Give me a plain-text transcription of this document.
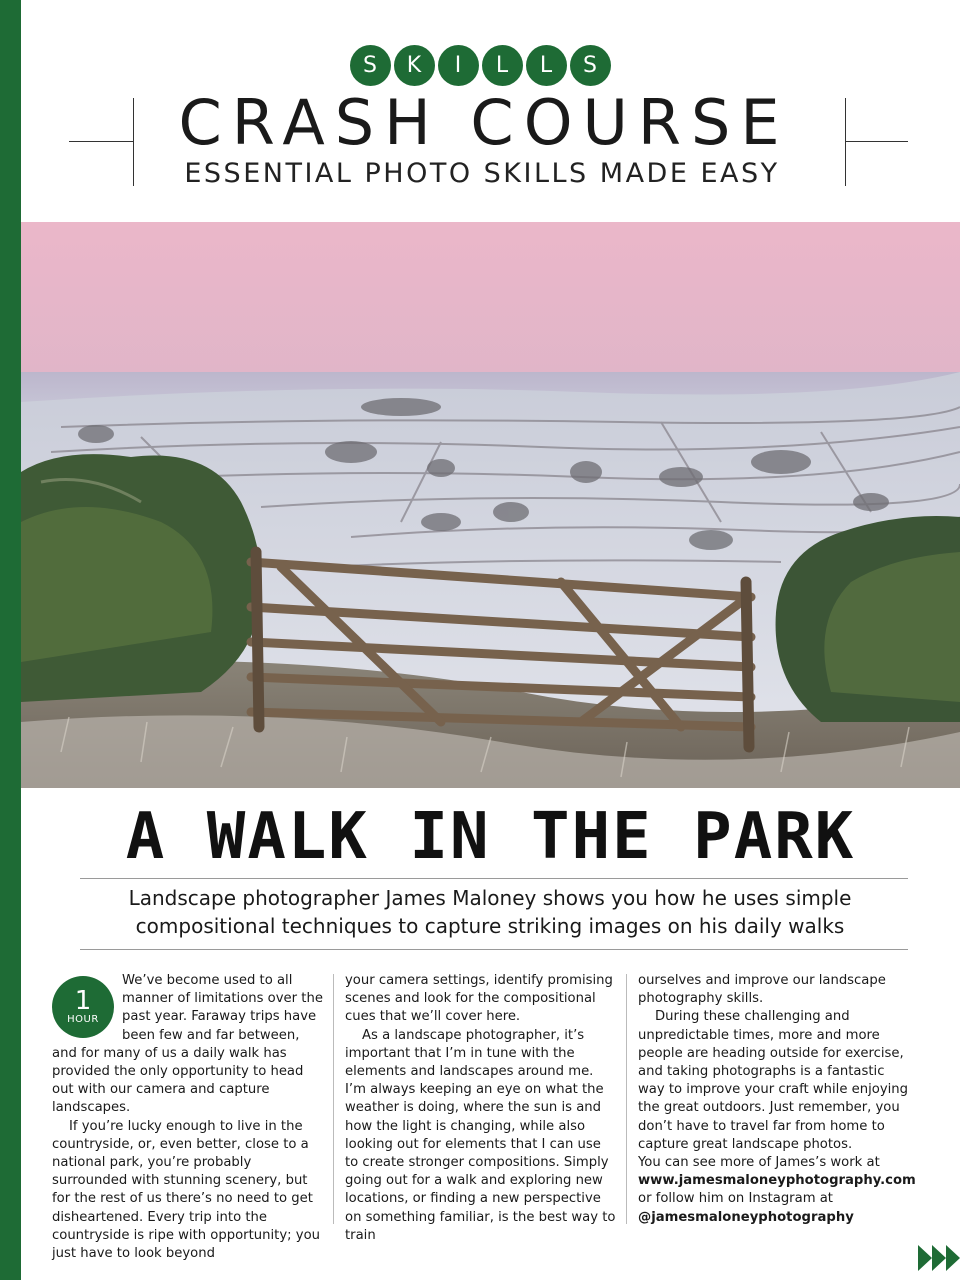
S	K	I	L	L	S
CRASH COURSE
ESSENTIAL PHOTO SKILLS MADE EASY
A WALK IN THE PARK
Landscape photographer James Maloney shows you how he uses simple
compositional techniques to capture striking images on his daily walks
1
HOUR

We’ve become used to all manner of limitations over the past year. Faraway trips have been few and far between, and for many of us a daily walk has provided the only opportunity to head out with our camera and capture landscapes.

If you’re lucky enough to live in the countryside, or, even better, close to a national park, you’re probably surrounded with stunning scenery, but for the rest of us there’s no need to get disheartened. Every trip into the countryside is ripe with opportunity; you just have to look beyond

your camera settings, identify promising scenes and look for the compositional cues that we’ll cover here.

As a landscape photographer, it’s important that I’m in tune with the elements and landscapes around me. I’m always keeping an eye on what the weather is doing, where the sun is and how the light is changing, while also looking out for elements that I can use to create stronger compositions. Simply going out for a walk and exploring new locations, or finding a new perspective on something familiar, is the best way to train

ourselves and improve our landscape photography skills.

During these challenging and unpredictable times, more and more people are heading outside for exercise, and taking photographs is a fantastic way to improve your craft while enjoying the great outdoors. Just remember, you don’t have to travel far from home to capture great landscape photos.

You can see more of James’s work at
www.jamesmaloneyphotography.com
or follow him on Instagram at
@jamesmaloneyphotography
